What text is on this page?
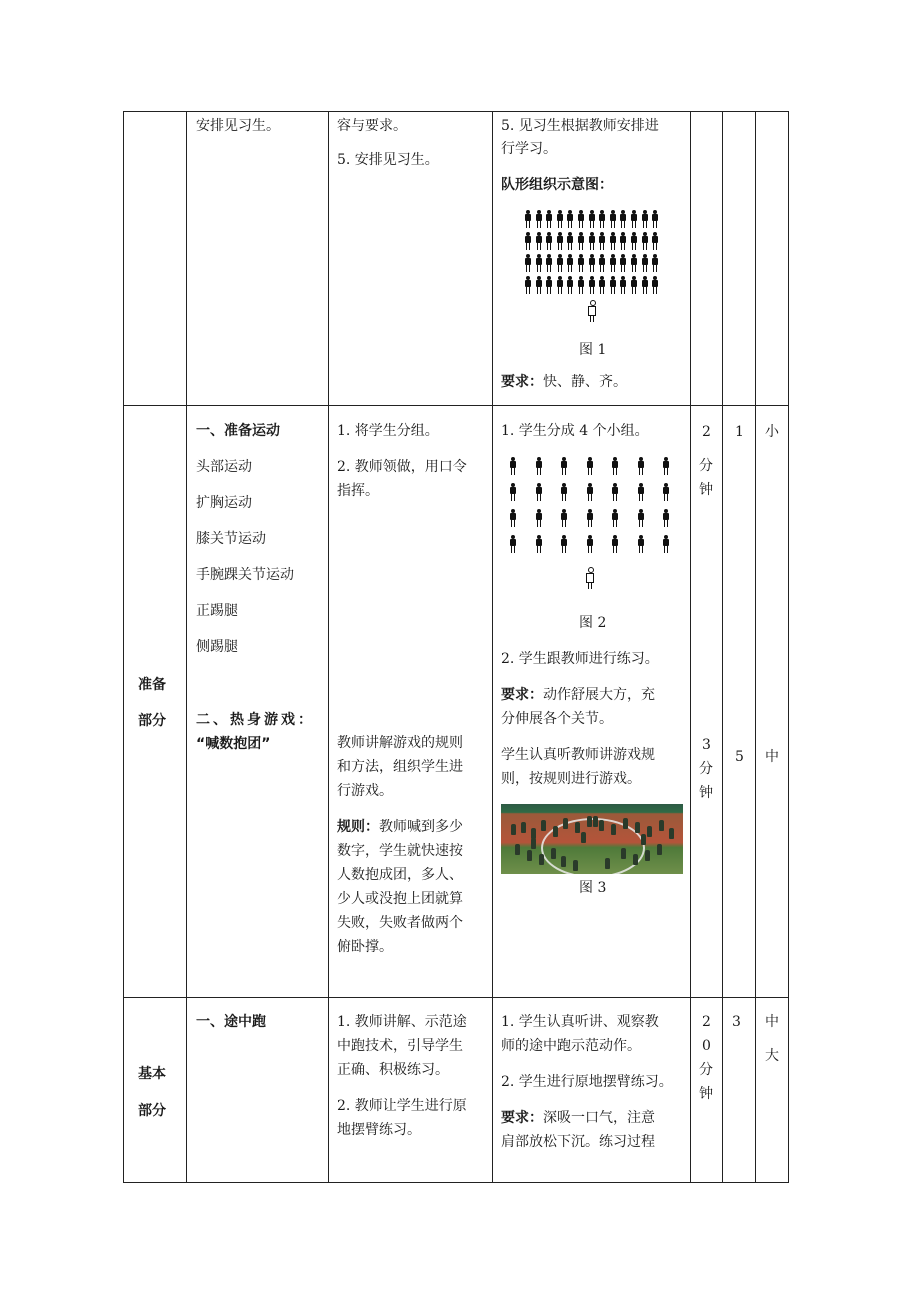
安排见习生。	容与要求。
5. 安排见习生。
5. 见习生根据教师安排进
行学习。
队形组织示意图：
图 1
要求：快、静、齐。
准备
部分
一、准备运动
头部运动
扩胸运动
膝关节运动
手腕踝关节运动
正踢腿
侧踢腿
二、热身游戏：
“喊数抱团”
1. 将学生分组。
2. 教师领做，用口令
指挥。
教师讲解游戏的规则
和方法，组织学生进
行游戏。
规则：教师喊到多少
数字，学生就快速按
人数抱成团，多人、
少人或没抱上团就算
失败，失败者做两个
俯卧撑。
1. 学生分成 4 个小组。
图 2
2. 学生跟教师进行练习。
要求：动作舒展大方，充
分伸展各个关节。
学生认真听教师讲游戏规
则，按规则进行游戏。
图 3
2
分
钟
1 小
3
分
钟
5 中
基本
部分
一、途中跑	1. 教师讲解、示范途
中跑技术，引导学生
正确、积极练习。
2. 教师让学生进行原
地摆臂练习。
1. 学生认真听讲、观察教
师的途中跑示范动作。
2. 学生进行原地摆臂练习。
要求：深吸一口气，注意
肩部放松下沉。练习过程
2
0
分
钟
3 中
大
